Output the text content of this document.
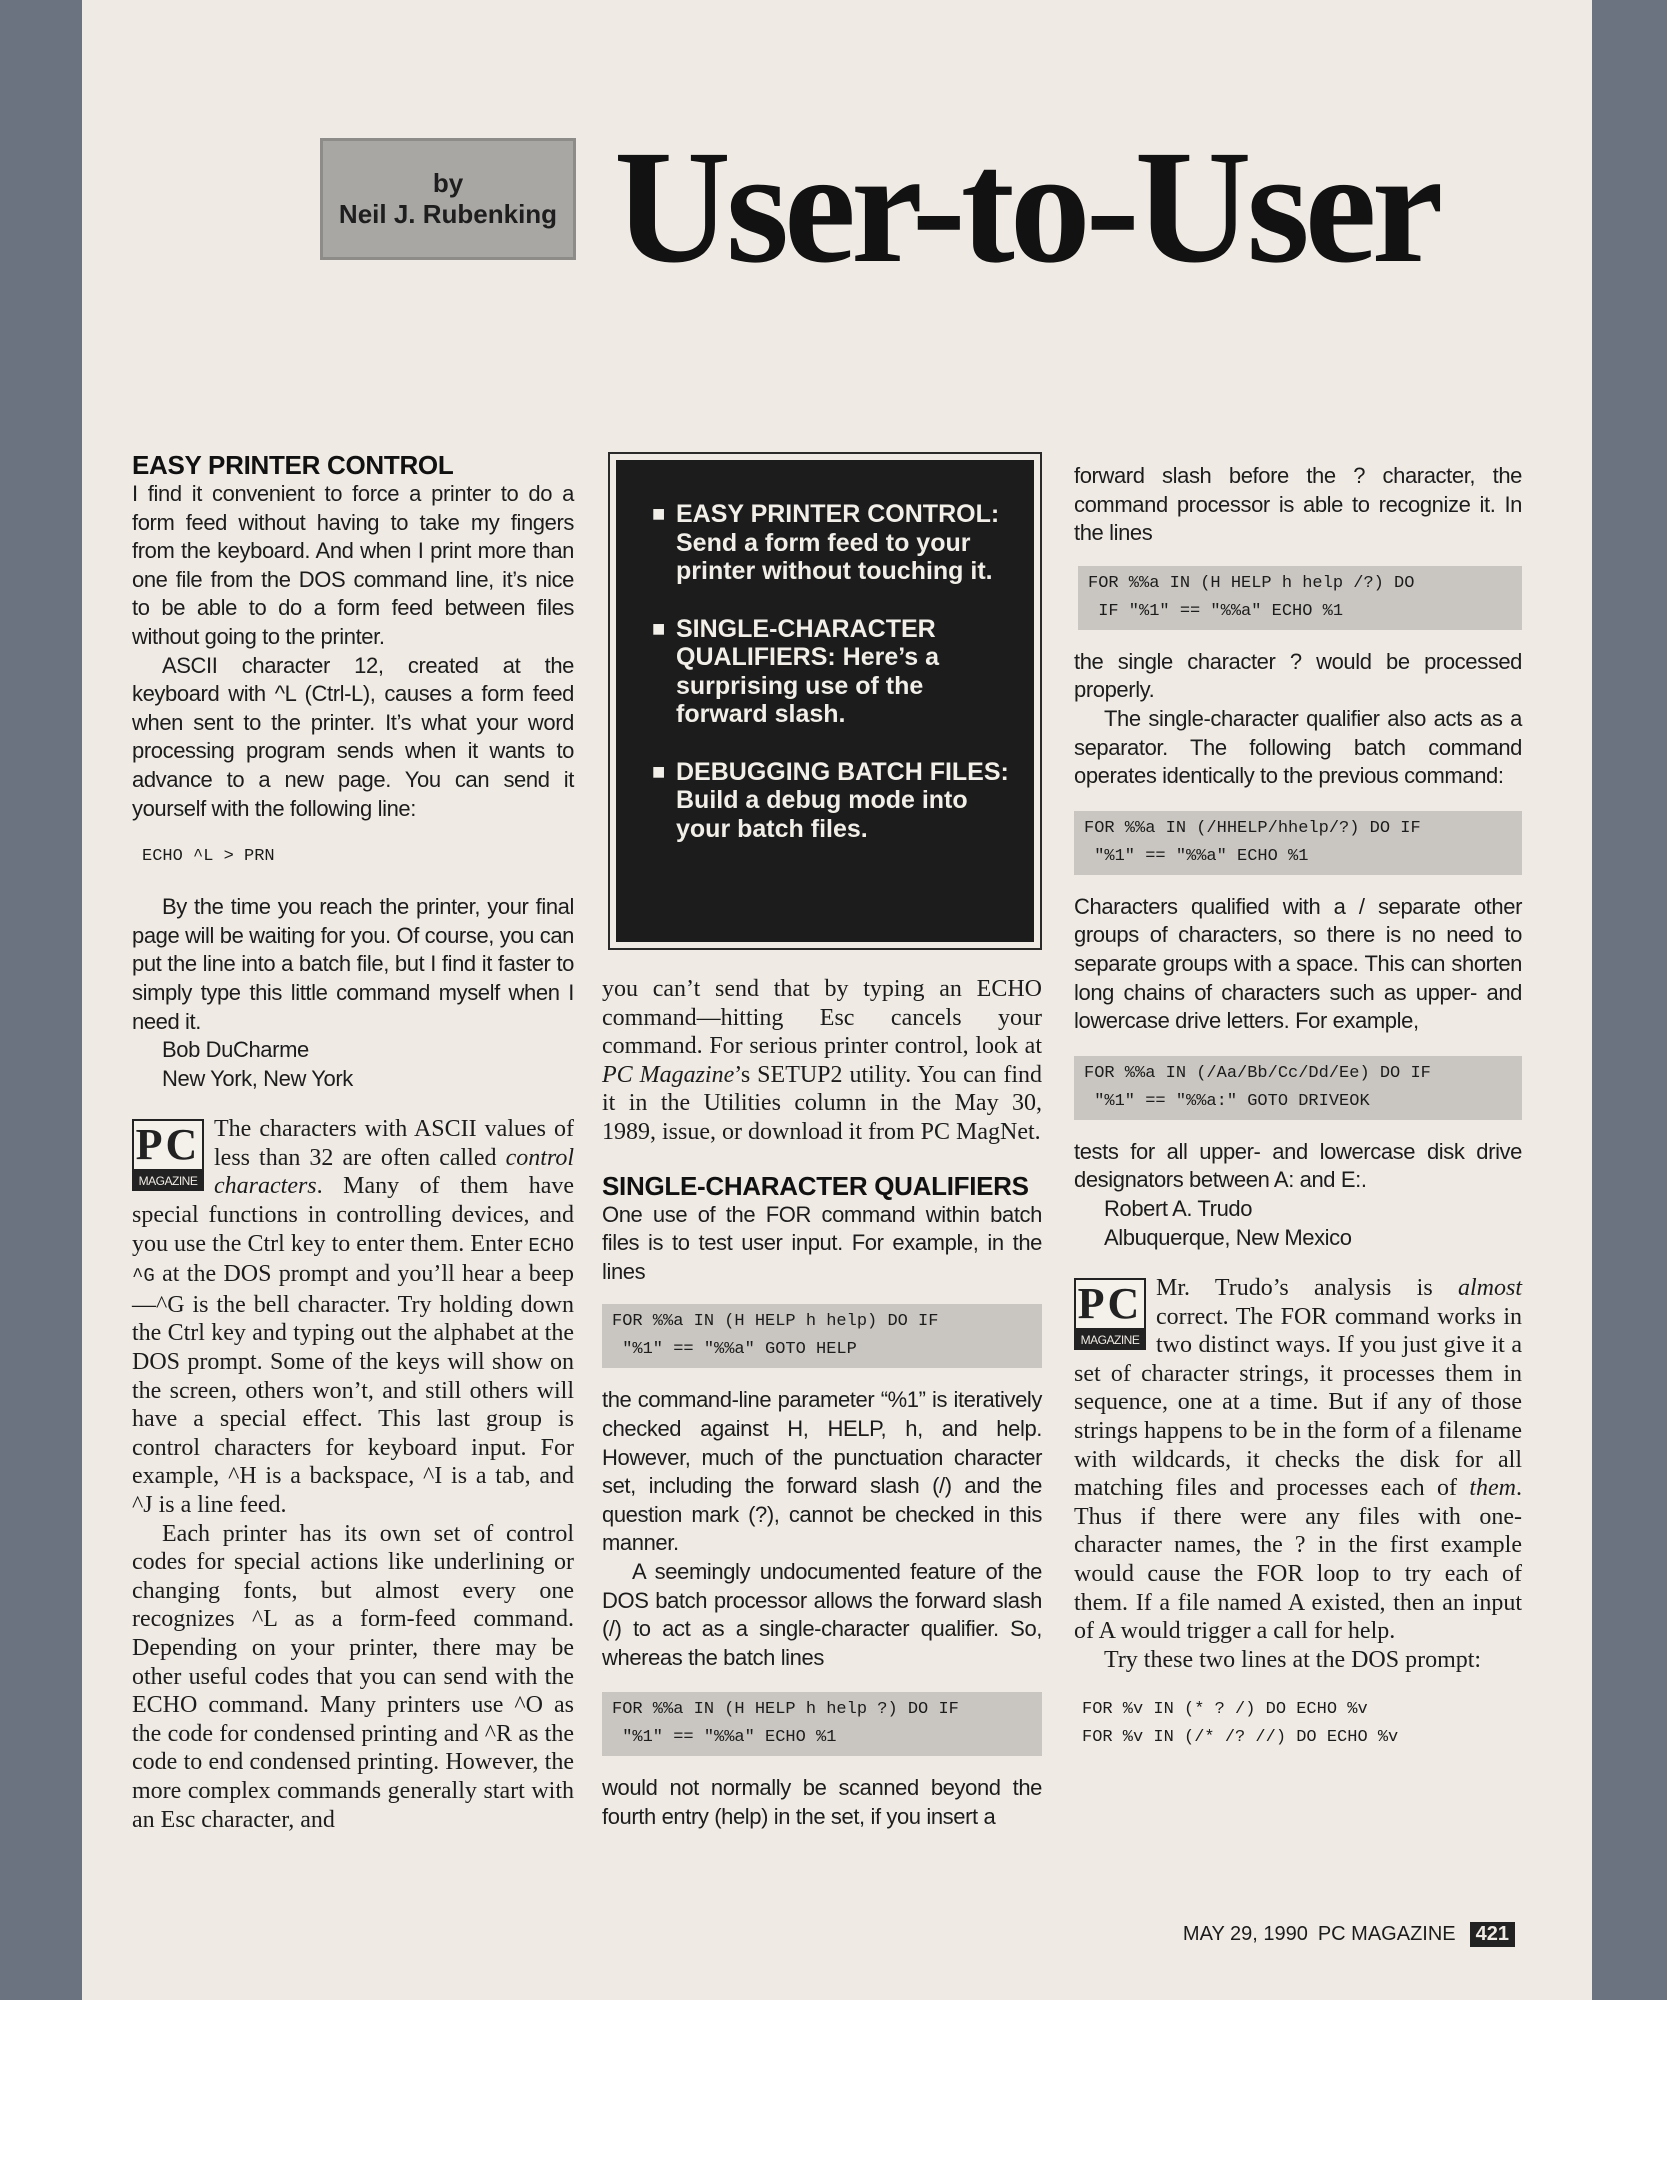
by
Neil J. Rubenking User-to-User
EASY PRINTER CONTROL

I find it convenient to force a printer to do a form feed without having to take my fingers from the keyboard. And when I print more than one file from the DOS command line, it’s nice to be able to do a form feed between files without going to the printer.

ASCII character 12, created at the keyboard with ^L (Ctrl-L), causes a form feed when sent to the printer. It’s what your word processing program sends when it wants to advance to a new page. You can send it yourself with the following line:

ECHO ^L > PRN

By the time you reach the printer, your final page will be waiting for you. Of course, you can put the line into a batch file, but I find it faster to simply type this little command myself when I need it.

Bob DuCharme

New York, New York

PC
MAGAZINE

The characters with ASCII values of less than 32 are often called control characters. Many of them have special functions in controlling devices, and you use the Ctrl key to enter them. Enter ECHO ^G at the DOS prompt and you’ll hear a beep—^G is the bell character. Try holding down the Ctrl key and typing out the alphabet at the DOS prompt. Some of the keys will show on the screen, others won’t, and still others will have a special effect. This last group is control characters for keyboard input. For example, ^H is a backspace, ^I is a tab, and ^J is a line feed.

Each printer has its own set of control codes for special actions like underlining or changing fonts, but almost every one recognizes ^L as a form-feed command. Depending on your printer, there may be other useful codes that you can send with the ECHO command. Many printers use ^O as the code for condensed printing and ^R as the code to end condensed printing. However, the more complex commands generally start with an Esc character, and

■ EASY PRINTER CONTROL: Send a form feed to your printer without touching it.
■ SINGLE-CHARACTER QUALIFIERS: Here’s a surprising use of the forward slash.
■ DEBUGGING BATCH FILES: Build a debug mode into your batch files.

you can’t send that by typing an ECHO command—hitting Esc cancels your command. For serious printer control, look at PC Magazine’s SETUP2 utility. You can find it in the Utilities column in the May 30, 1989, issue, or download it from PC MagNet.

SINGLE-CHARACTER QUALIFIERS

One use of the FOR command within batch files is to test user input. For example, in the lines

FOR %%a IN (H HELP h help) DO IF
"%1" == "%%a" GOTO HELP

the command-line parameter “%1” is iteratively checked against H, HELP, h, and help. However, much of the punctuation character set, including the forward slash (/) and the question mark (?), cannot be checked in this manner.

A seemingly undocumented feature of the DOS batch processor allows the forward slash (/) to act as a single-character qualifier. So, whereas the batch lines

FOR %%a IN (H HELP h help ?) DO IF
"%1" == "%%a" ECHO %1

would not normally be scanned beyond the fourth entry (help) in the set, if you insert a

forward slash before the ? character, the command processor is able to recognize it. In the lines

FOR %%a IN (H HELP h help /?) DO
IF "%1" == "%%a" ECHO %1

the single character ? would be processed properly.

The single-character qualifier also acts as a separator. The following batch command operates identically to the previous command:

FOR %%a IN (/HHELP/hhelp/?) DO IF
"%1" == "%%a" ECHO %1

Characters qualified with a / separate other groups of characters, so there is no need to separate groups with a space. This can shorten long chains of characters such as upper- and lowercase drive letters. For example,

FOR %%a IN (/Aa/Bb/Cc/Dd/Ee) DO IF
"%1" == "%%a:" GOTO DRIVEOK

tests for all upper- and lowercase disk drive designators between A: and E:.

Robert A. Trudo

Albuquerque, New Mexico

PC
MAGAZINE

Mr. Trudo’s analysis is almost correct. The FOR command works in two distinct ways. If you just give it a set of character strings, it processes them in sequence, one at a time. But if any of those strings happens to be in the form of a filename with wildcards, it checks the disk for all matching files and processes each of them. Thus if there were any files with one-character names, the ? in the first example would cause the FOR loop to try each of them. If a file named A existed, then an input of A would trigger a call for help.

Try these two lines at the DOS prompt:

FOR %v IN (* ? /) DO ECHO %v
FOR %v IN (/* /? //) DO ECHO %v
MAY 29, 1990 PC MAGAZINE	421
